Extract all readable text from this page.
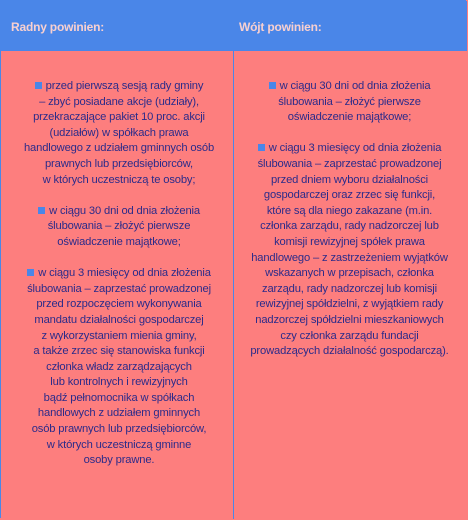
Radny powinien:	Wójt powinien:
przed pierwszą sesją rady gminy
– zbyć posiadane akcje (udziały),
przekraczające pakiet 10 proc. akcji
(udziałów) w spółkach prawa
handlowego z udziałem gminnych osób
prawnych lub przedsiębiorców,
w których uczestniczą te osoby;
w ciągu 30 dni od dnia złożenia
ślubowania – złożyć pierwsze
oświadczenie majątkowe;
w ciągu 3 miesięcy od dnia złożenia
ślubowania – zaprzestać prowadzonej
przed rozpoczęciem wykonywania
mandatu działalności gospodarczej
z wykorzystaniem mienia gminy,
a także zrzec się stanowiska funkcji
członka władz zarządzających
lub kontrolnych i rewizyjnych
bądź pełnomocnika w spółkach
handlowych z udziałem gminnych
osób prawnych lub przedsiębiorców,
w których uczestniczą gminne
osoby prawne.
w ciągu 30 dni od dnia złożenia
ślubowania – złożyć pierwsze
oświadczenie majątkowe;
w ciągu 3 miesięcy od dnia złożenia
ślubowania – zaprzestać prowadzonej
przed dniem wyboru działalności
gospodarczej oraz zrzec się funkcji,
które są dla niego zakazane (m.in.
członka zarządu, rady nadzorczej lub
komisji rewizyjnej spółek prawa
handlowego – z zastrzeżeniem wyjątków
wskazanych w przepisach, członka
zarządu, rady nadzorczej lub komisji
rewizyjnej spółdzielni, z wyjątkiem rady
nadzorczej spółdzielni mieszkaniowych
czy członka zarządu fundacji
prowadzących działalność gospodarczą).
